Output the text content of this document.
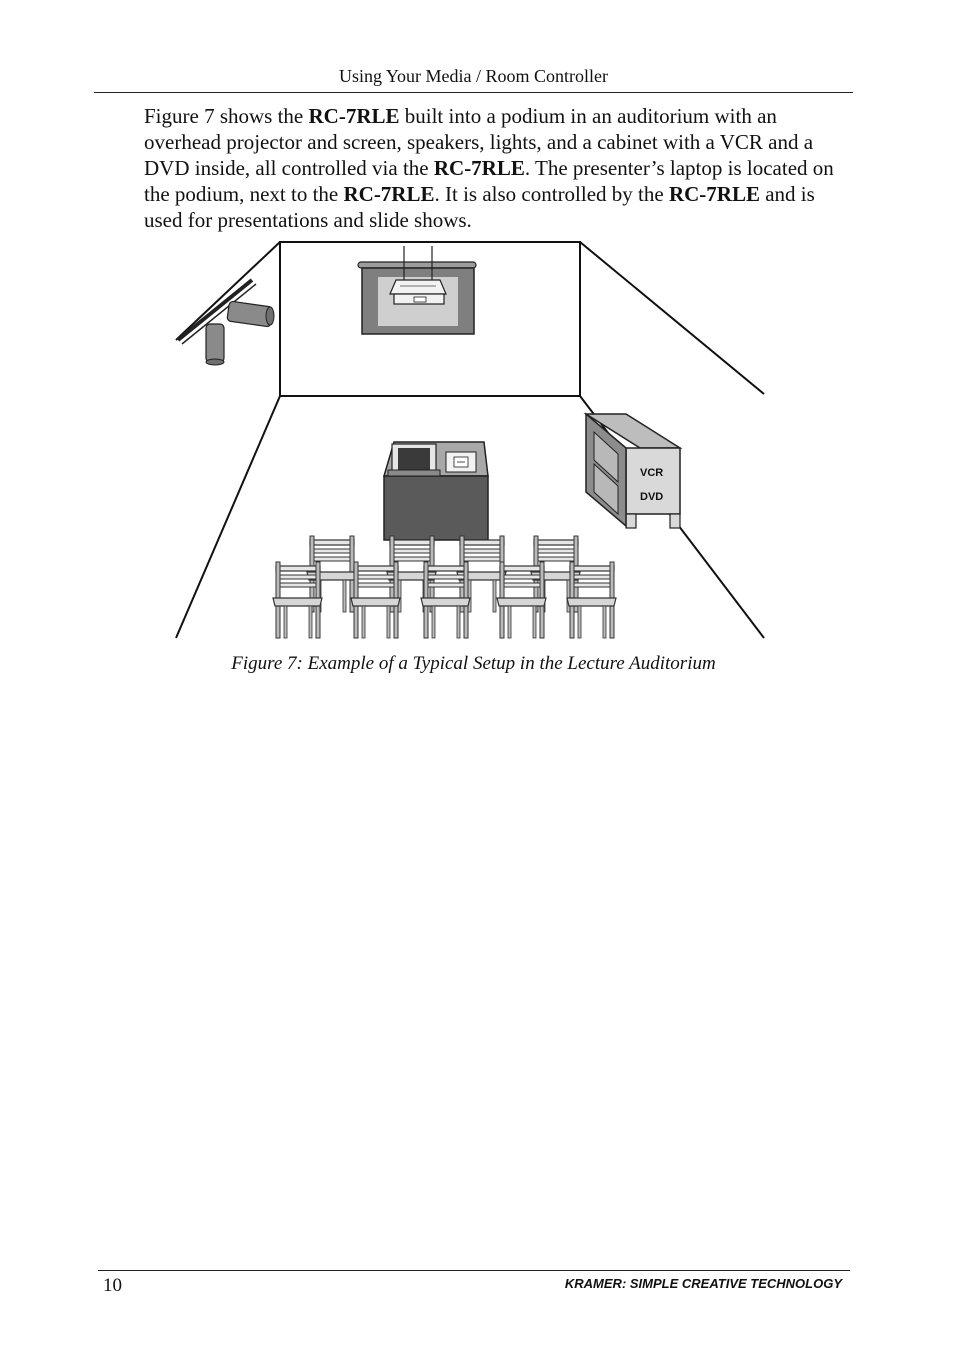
Using Your Media / Room Controller

Figure 7 shows the RC-7RLE built into a podium in an auditorium with an overhead projector and screen, speakers, lights, and a cabinet with a VCR and a DVD inside, all controlled via the RC-7RLE. The presenter’s laptop is located on the podium, next to the RC-7RLE. It is also controlled by the RC-7RLE and is used for presentations and slide shows.

VCR
DVD
Figure 7: Example of a Typical Setup in the Lecture Auditorium
10	KRAMER: SIMPLE CREATIVE TECHNOLOGY
